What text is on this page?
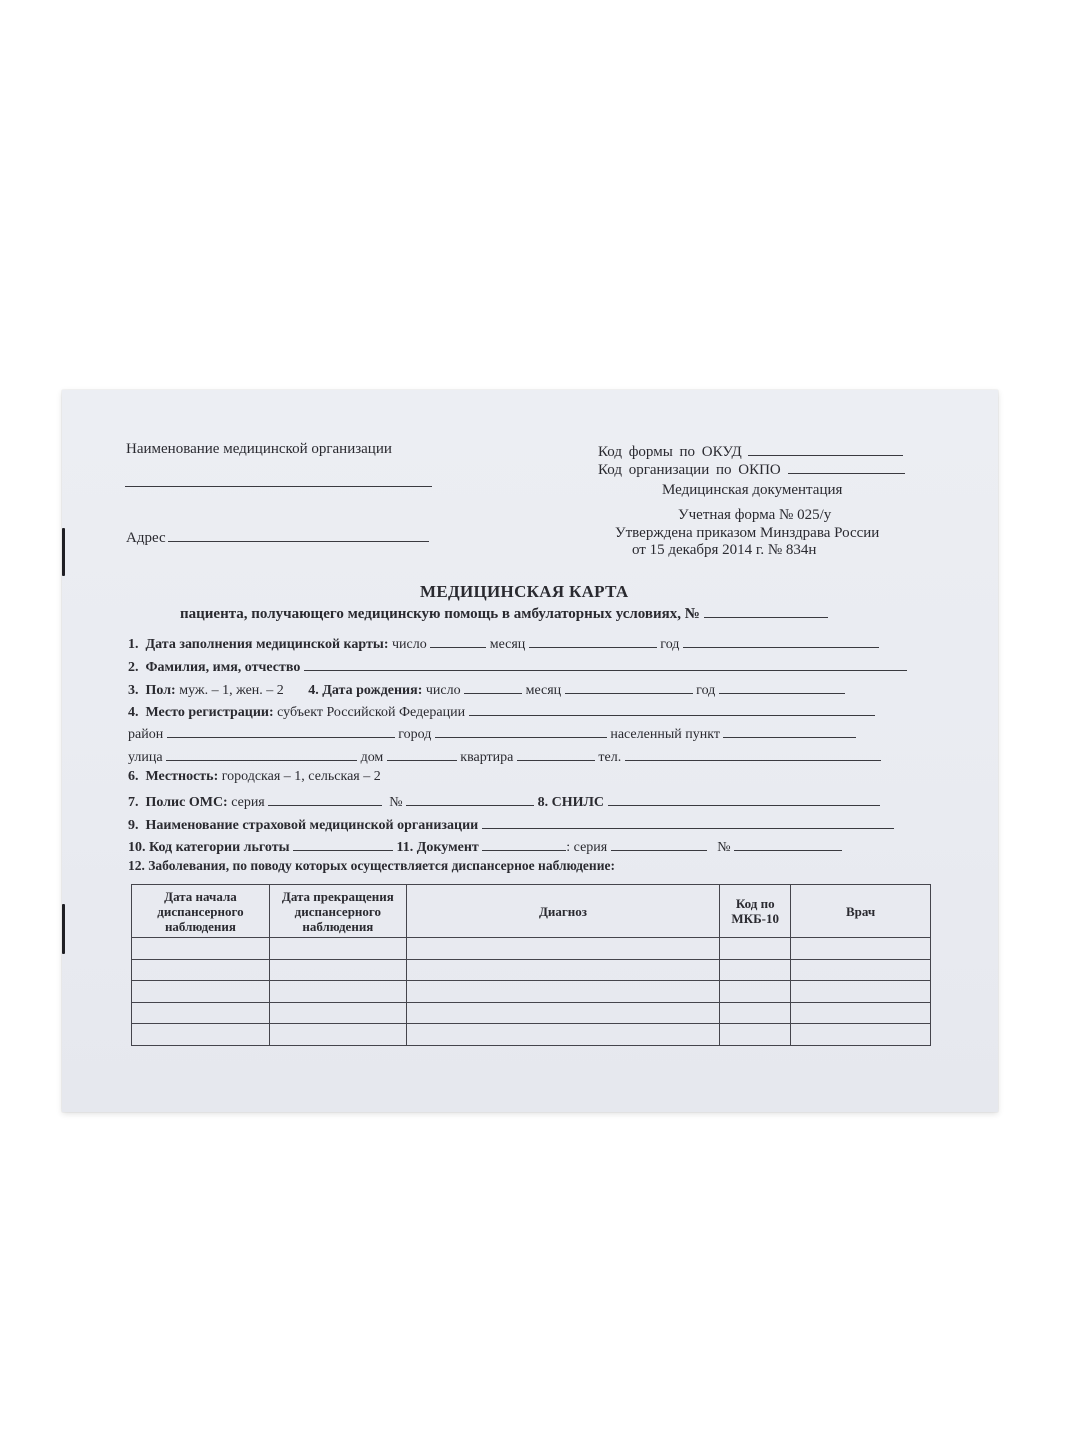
Наименование медицинской организации
Адрес
Код формы по ОКУД
Код организации по ОКПО
Медицинская документация
Учетная форма № 025/у
Утверждена приказом Минздрава России
от 15 декабря 2014 г. № 834н
МЕДИЦИНСКАЯ КАРТА
пациента, получающего медицинскую помощь в амбулаторных условиях, №
1. Дата заполнения медицинской карты: число	месяц	год
2. Фамилия, имя, отчество
3. Пол: муж. – 1, жен. – 2 4. Дата рождения: число	месяц	год
4. Место регистрации: субъект Российской Федерации
район	город	населенный пункт
улица	дом	квартира	тел.
6. Местность: городская – 1, сельская – 2
7. Полис ОМС: серия	№	8. СНИЛС
9. Наименование страховой медицинской организации
10. Код категории льготы	11. Документ	: серия	№
12. Заболевания, по поводу которых осуществляется диспансерное наблюдение:
Дата начала диспансерного наблюдения	Дата прекращения диспансерного наблюдения	Диагноз	Код по МКБ-10	Врач
